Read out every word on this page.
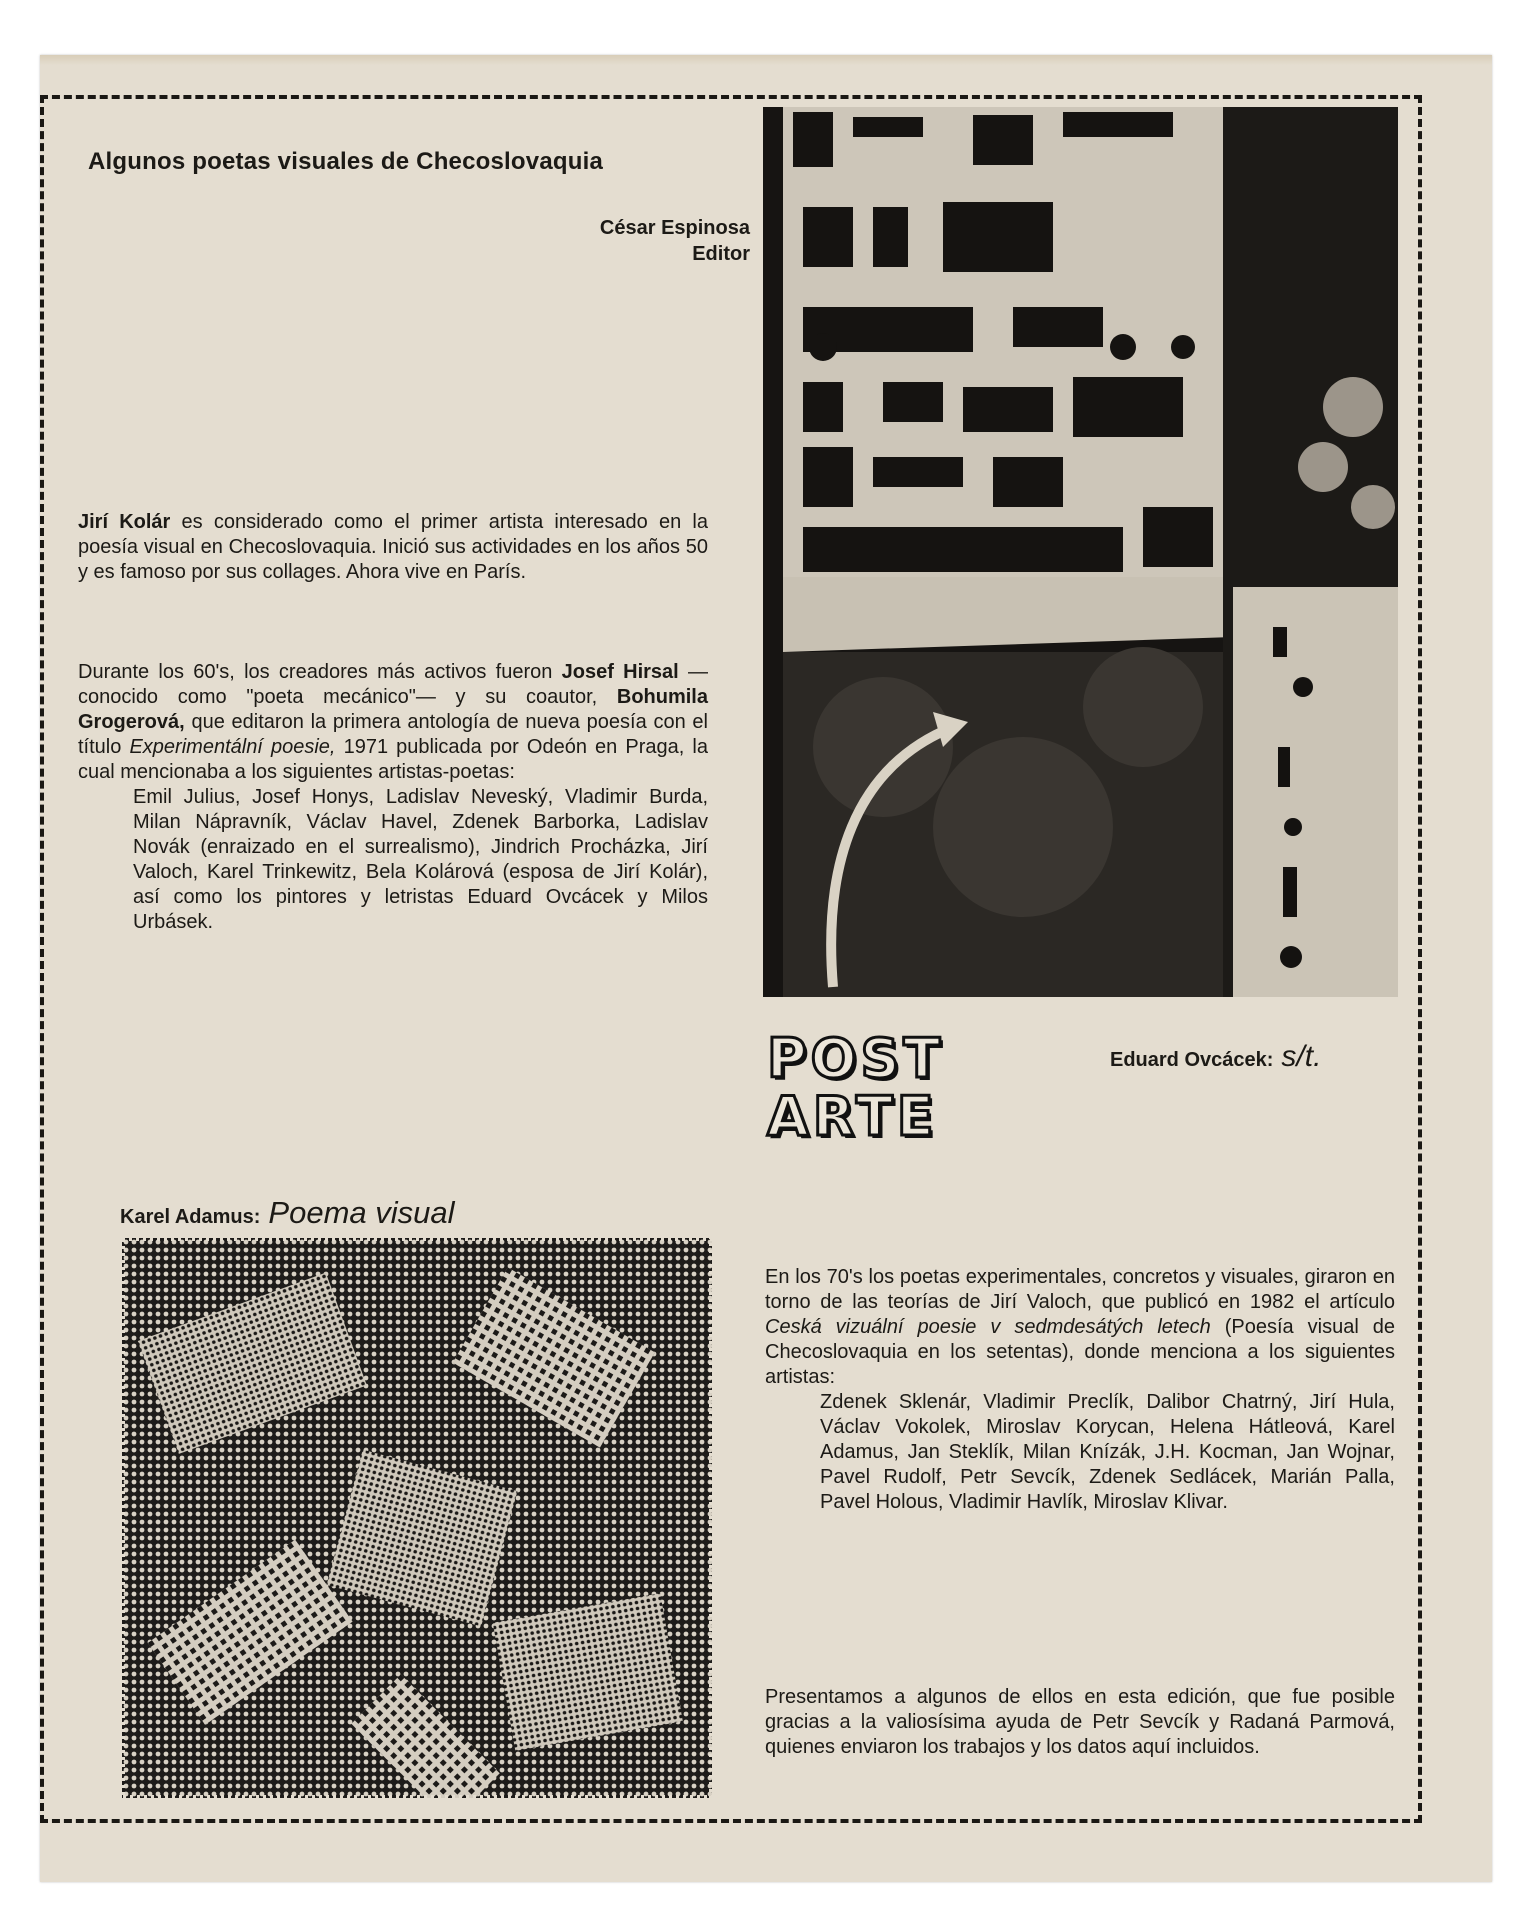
POST
ARTE
Eduard Ovcácek: s/t.
Algunos poetas visuales de Checoslovaquia
César Espinosa
Editor
Jirí Kolár es considerado como el primer artista interesado en la poesía visual en Checoslovaquia. Inició sus actividades en los años 50 y es famoso por sus collages. Ahora vive en París.
Durante los 60's, los creadores más activos fueron Josef Hirsal —conocido como "poeta mecánico"— y su coautor, Bohumila Grogerová, que editaron la primera antología de nueva poesía con el título Experimentální poesie, 1971 publicada por Odeón en Praga, la cual mencionaba a los siguientes artistas-poetas:
Emil Julius, Josef Honys, Ladislav Neveský, Vladimir Burda, Milan Nápravník, Václav Havel, Zdenek Barborka, Ladislav Novák (enraizado en el surrealismo), Jindrich Procházka, Jirí Valoch, Karel Trinkewitz, Bela Kolárová (esposa de Jirí Kolár), así como los pintores y letristas Eduard Ovcácek y Milos Urbásek.
Karel Adamus: Poema visual
En los 70's los poetas experimentales, concretos y visuales, giraron en torno de las teorías de Jirí Valoch, que publicó en 1982 el artículo Ceská vizuální poesie v sedmdesátých letech (Poesía visual de Checoslovaquia en los setentas), donde menciona a los siguientes artistas:
Zdenek Sklenár, Vladimir Preclík, Dalibor Chatrný, Jirí Hula, Václav Vokolek, Miroslav Korycan, Helena Hátleová, Karel Adamus, Jan Steklík, Milan Knízák, J.H. Kocman, Jan Wojnar, Pavel Rudolf, Petr Sevcík, Zdenek Sedlácek, Marián Palla, Pavel Holous, Vladimir Havlík, Miroslav Klivar.
Presentamos a algunos de ellos en esta edición, que fue posible gracias a la valiosísima ayuda de Petr Sevcík y Radaná Parmová, quienes enviaron los trabajos y los datos aquí incluidos.
